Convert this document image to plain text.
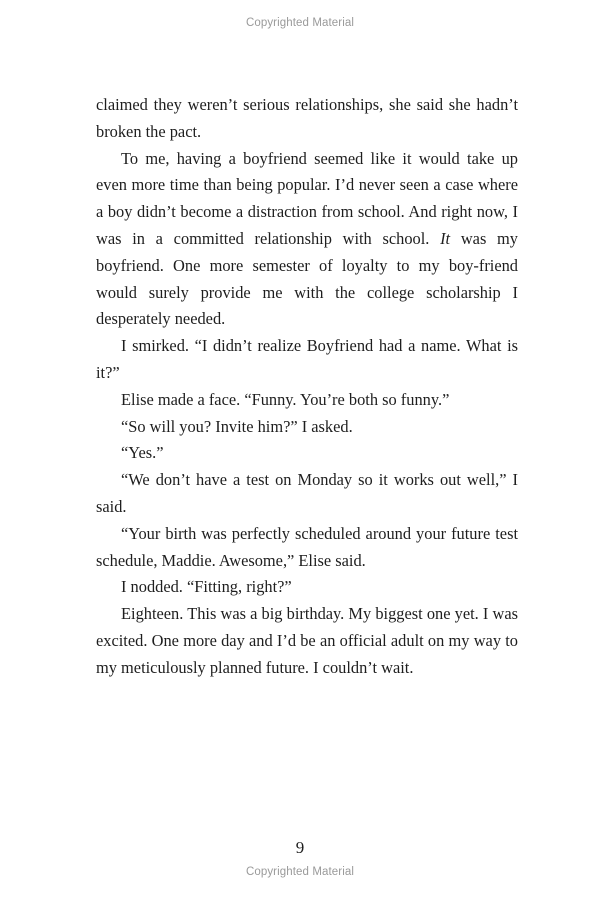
Copyrighted Material

claimed they weren’t serious relationships, she said she hadn’t broken the pact.

To me, having a boyfriend seemed like it would take up even more time than being popular. I’d never seen a case where a boy didn’t become a distraction from school. And right now, I was in a committed relationship with school. It was my boyfriend. One more semester of loyalty to my boy-friend would surely provide me with the college scholarship I desperately needed.

I smirked. “I didn’t realize Boyfriend had a name. What is it?”

Elise made a face. “Funny. You’re both so funny.”

“So will you? Invite him?” I asked.

“Yes.”

“We don’t have a test on Monday so it works out well,” I said.

“Your birth was perfectly scheduled around your future test schedule, Maddie. Awesome,” Elise said.

I nodded. “Fitting, right?”

Eighteen. This was a big birthday. My biggest one yet. I was excited. One more day and I’d be an official adult on my way to my meticulously planned future. I couldn’t wait.

9
Copyrighted Material
